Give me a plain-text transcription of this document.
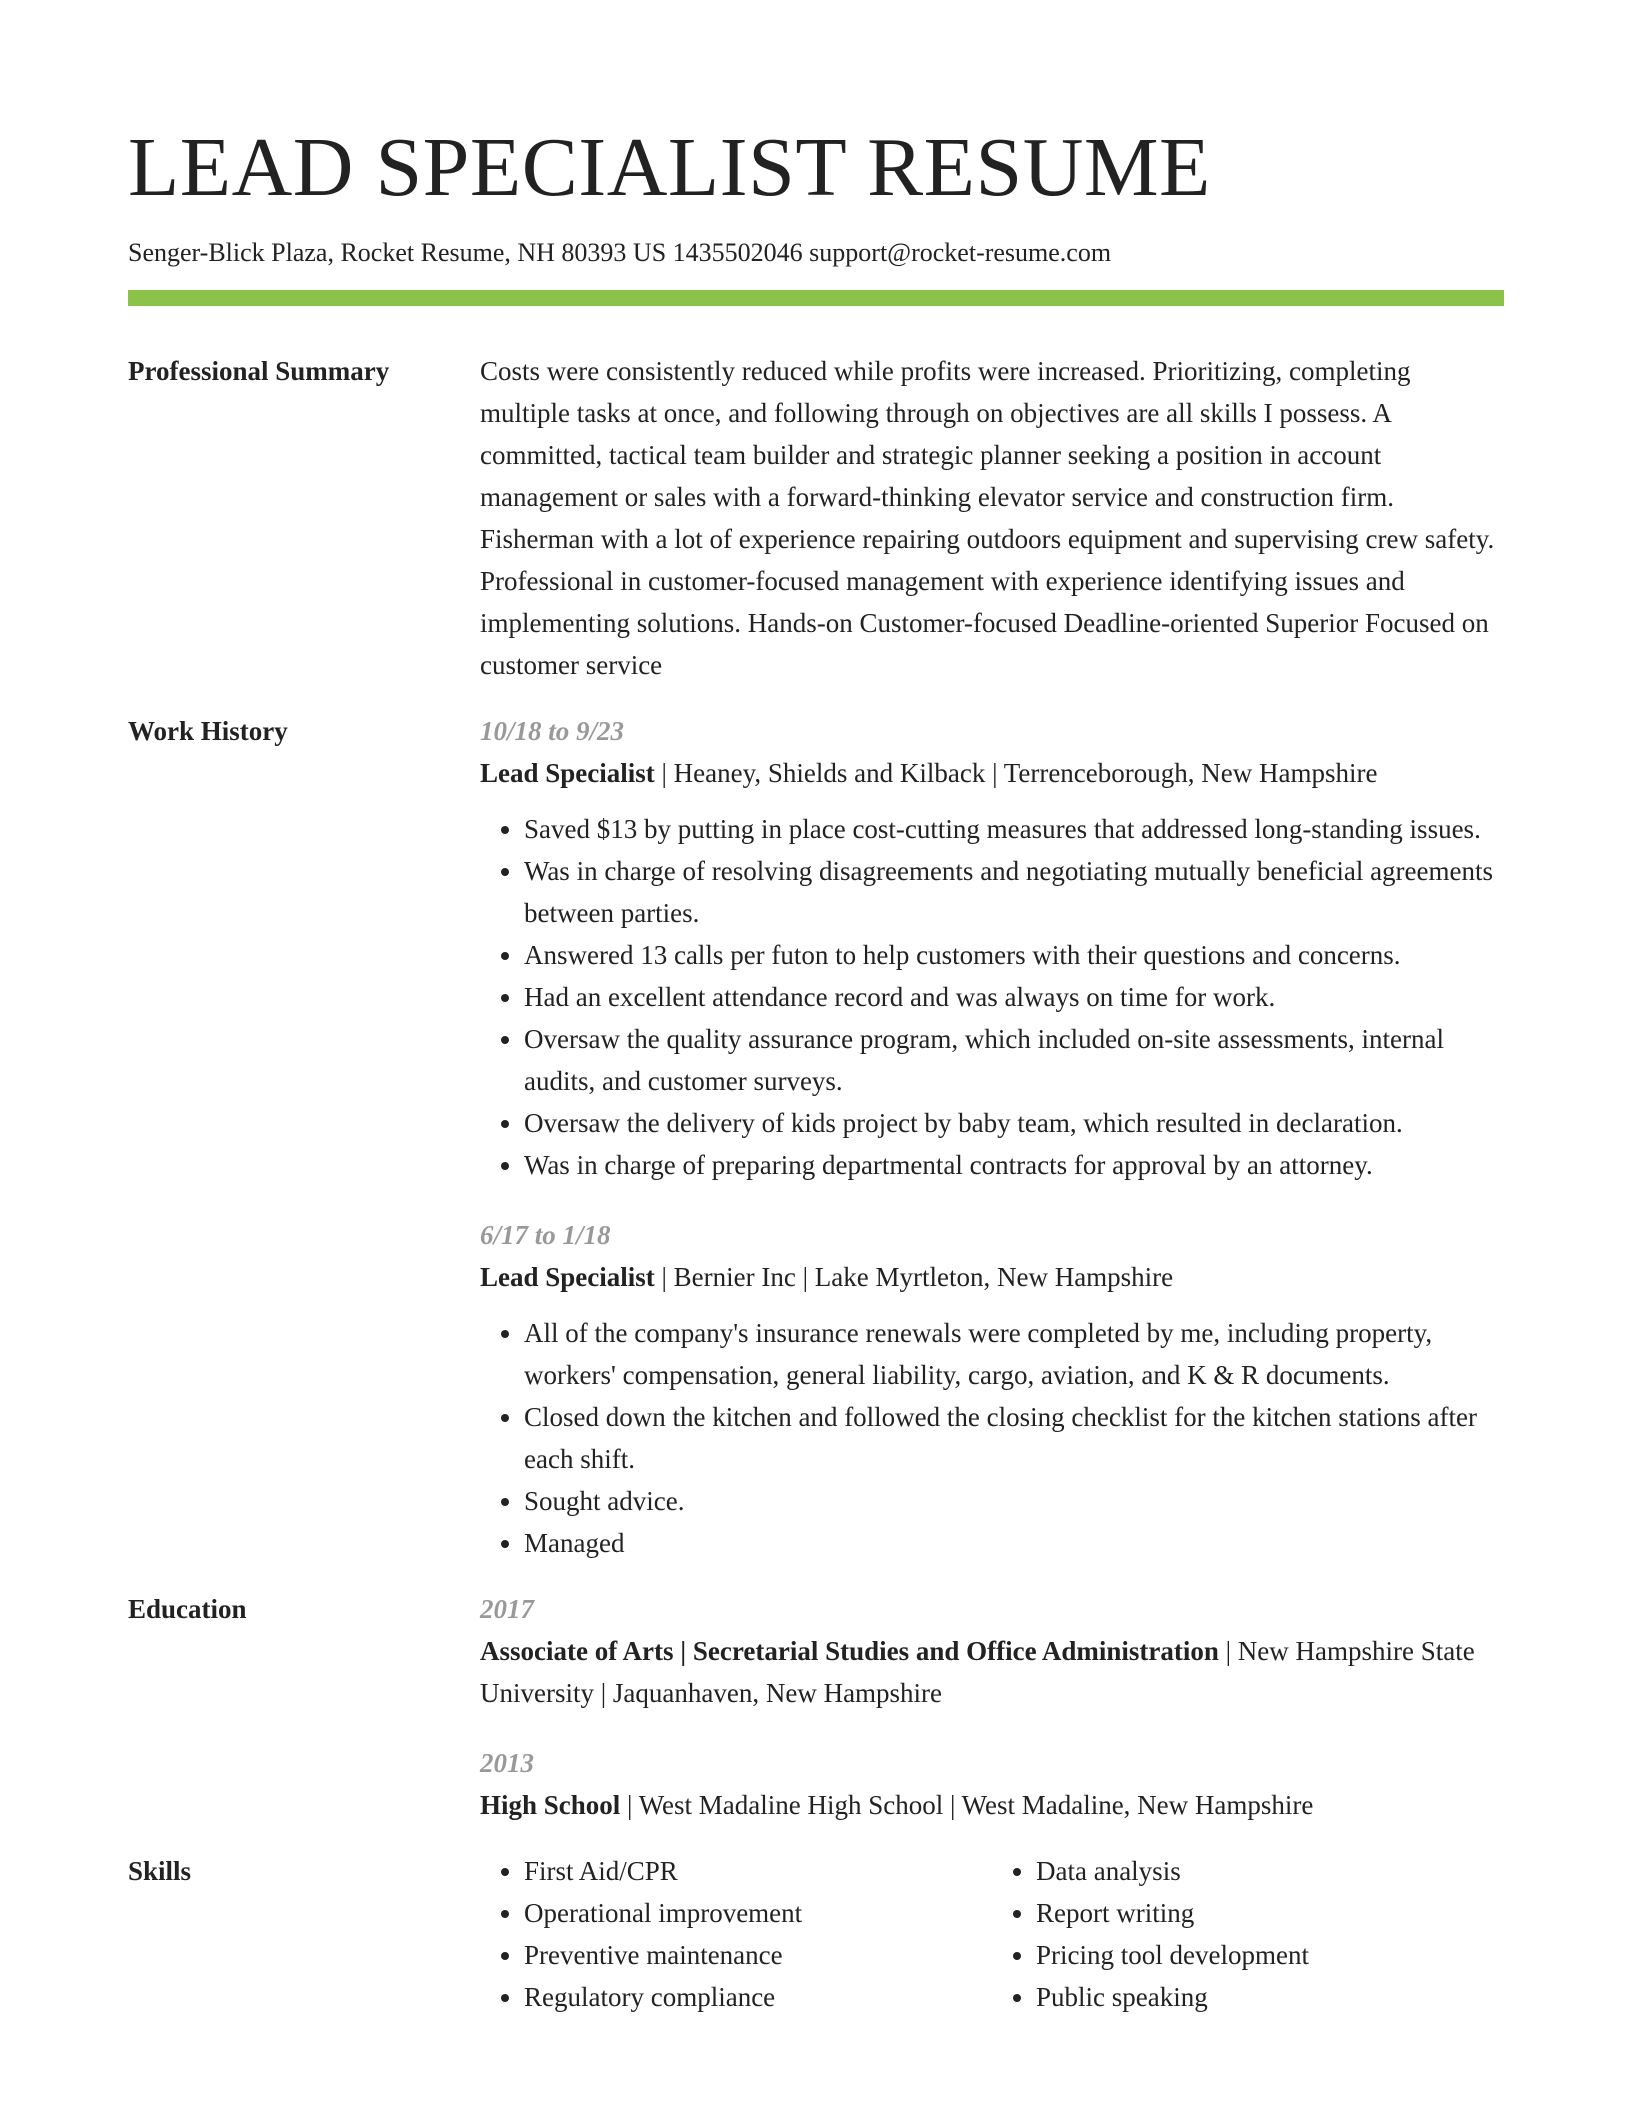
LEAD SPECIALIST RESUME
Senger-Blick Plaza, Rocket Resume, NH 80393 US 1435502046 support@rocket-resume.com
Professional Summary	Costs were consistently reduced while profits were increased. Prioritizing, completing multiple tasks at once, and following through on objectives are all skills I possess. A committed, tactical team builder and strategic planner seeking a position in account management or sales with a forward-thinking elevator service and construction firm. Fisherman with a lot of experience repairing outdoors equipment and supervising crew safety. Professional in customer-focused management with experience identifying issues and implementing solutions. Hands-on Customer-focused Deadline-oriented Superior Focused on customer service

Work History	10/18 to 9/23
Lead Specialist | Heaney, Shields and Kilback | Terrenceborough, New Hampshire
• Saved $13 by putting in place cost-cutting measures that addressed long-standing issues.
• Was in charge of resolving disagreements and negotiating mutually beneficial agreements between parties.
• Answered 13 calls per futon to help customers with their questions and concerns.
• Had an excellent attendance record and was always on time for work.
• Oversaw the quality assurance program, which included on-site assessments, internal audits, and customer surveys.
• Oversaw the delivery of kids project by baby team, which resulted in declaration.
• Was in charge of preparing departmental contracts for approval by an attorney.
6/17 to 1/18
Lead Specialist | Bernier Inc | Lake Myrtleton, New Hampshire
• All of the company's insurance renewals were completed by me, including property, workers' compensation, general liability, cargo, aviation, and K & R documents.
• Closed down the kitchen and followed the closing checklist for the kitchen stations after each shift.
• Sought advice.
• Managed
Education	2017
Associate of Arts | Secretarial Studies and Office Administration | New Hampshire State University | Jaquanhaven, New Hampshire
2013
High School | West Madaline High School | West Madaline, New Hampshire
Skills
•	First Aid/CPR
• Operational improvement
• Preventive maintenance
• Regulatory compliance
• Data analysis
• Report writing
• Pricing tool development
• Public speaking
